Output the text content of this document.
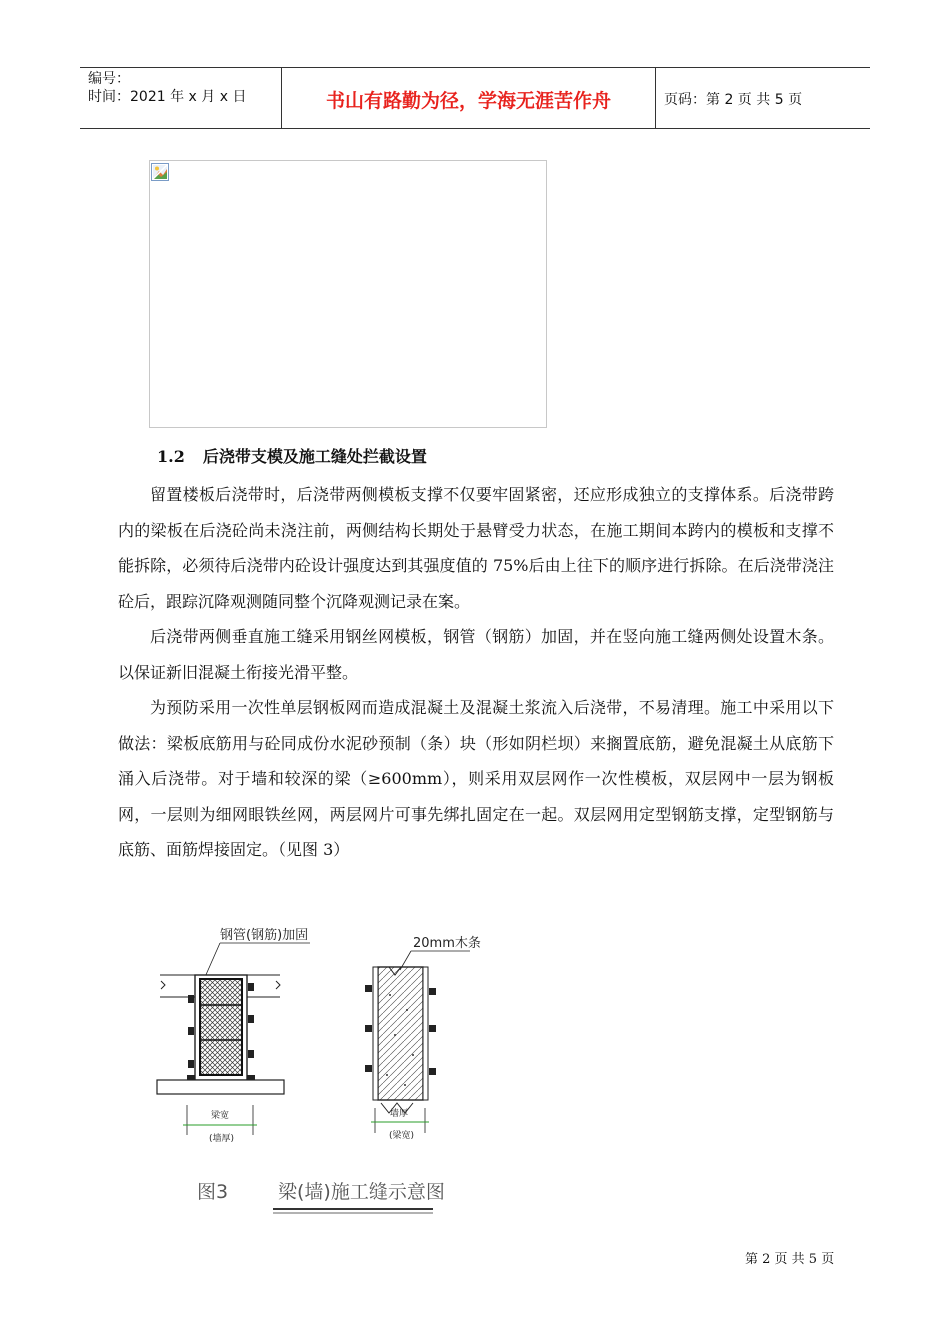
编号：
时间：2021 年 x 月 x 日	书山有路勤为径，学海无涯苦作舟	页码：第 2 页 共 5 页
1.2 后浇带支模及施工缝处拦截设置

留置楼板后浇带时，后浇带两侧模板支撑不仅要牢固紧密，还应形成独立的支撑体系。后浇带跨内的梁板在后浇砼尚未浇注前，两侧结构长期处于悬臂受力状态，在施工期间本跨内的模板和支撑不能拆除，必须待后浇带内砼设计强度达到其强度值的 75%后由上往下的顺序进行拆除。在后浇带浇注砼后，跟踪沉降观测随同整个沉降观测记录在案。

后浇带两侧垂直施工缝采用钢丝网模板，钢管（钢筋）加固，并在竖向施工缝两侧处设置木条。以保证新旧混凝土衔接光滑平整。

为预防采用一次性单层钢板网而造成混凝土及混凝土浆流入后浇带，不易清理。施工中采用以下做法：梁板底筋用与砼同成份水泥砂预制（条）块（形如阴栏坝）来搁置底筋，避免混凝土从底筋下涌入后浇带。对于墙和较深的梁（≥600mm），则采用双层网作一次性模板，双层网中一层为钢板网，一层则为细网眼铁丝网，两层网片可事先绑扎固定在一起。双层网用定型钢筋支撑，定型钢筋与底筋、面筋焊接固定。（见图 3）

钢管(钢筋)加固
梁宽
(墙厚)
20mm木条
墙厚
(梁宽)
图3	梁(墙)施工缝示意图
第 2 页 共 5 页
